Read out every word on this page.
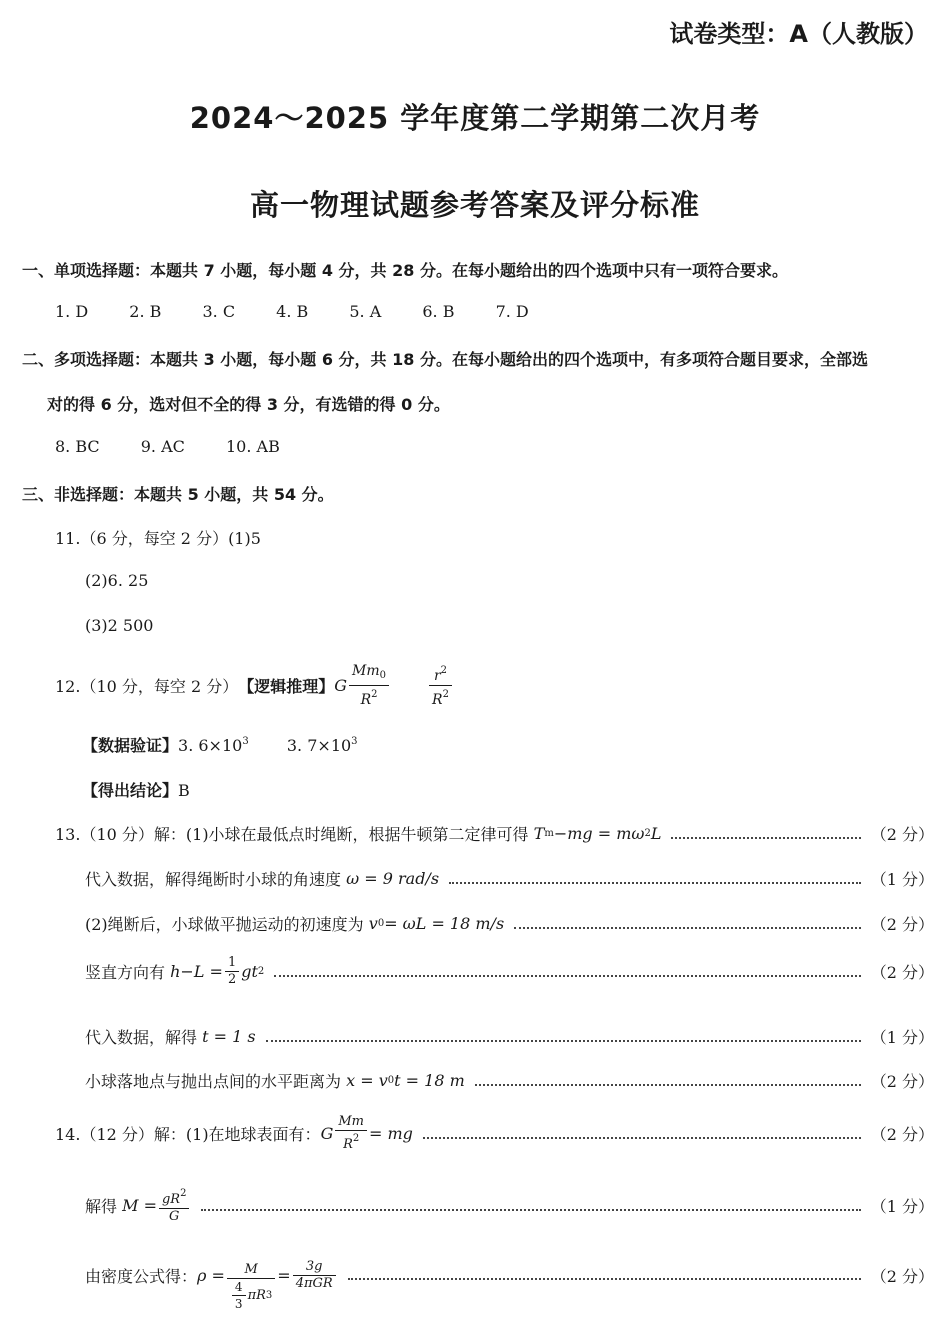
试卷类型：A（人教版）
2024～2025 学年度第二学期第二次月考
高一物理试题参考答案及评分标准
一、单项选择题：本题共 7 小题，每小题 4 分，共 28 分。在每小题给出的四个选项中只有一项符合要求。
1. D	2. B	3. C	4. B	5. A	6. B	7. D
二、多项选择题：本题共 3 小题，每小题 6 分，共 18 分。在每小题给出的四个选项中，有多项符合题目要求，全部选
对的得 6 分，选对但不全的得 3 分，有选错的得 0 分。
8. BC	9. AC	10. AB
三、非选择题：本题共 5 小题，共 54 分。
11.（6 分，每空 2 分）(1)5
(2)6. 25
(3)2 500
12.（10 分，每空 2 分） 【逻辑推理】 G $\frac{Mm_0}{R^2}$	$\frac{r^2}{R^2}$
【数据验证】3. $6\times 10^3$ 3. $7\times 10^3$
【得出结论】B
13.（10 分）解：(1)小球在最低点时绳断，根据牛顿第二定律可得
T m −mg = mω 2 L	（2 分）
代入数据，解得绳断时小球的角速度
ω = 9 rad/s	（1 分）
(2)绳断后，小球做平抛运动的初速度为
v 0 = ωL = 18 m/s	（2 分）
竖直方向有
$h-L = \frac{1}{2}$ gt 2	（2 分）
代入数据，解得
t = 1 s	（1 分）
小球落地点与抛出点间的水平距离为
x = v 0 t = 18 m	（2 分）
14.（12 分）解：(1)在地球表面有： G $\frac{Mm}{R^2}$ = mg	（2 分）
解得
$M = \frac{gR^2}{G}$	（1 分）
由密度公式得： $\rho = \frac{M}{\frac{4}{3} \pi R 3} = \frac{3g}{\text{4πGR}}$	（2 分）
